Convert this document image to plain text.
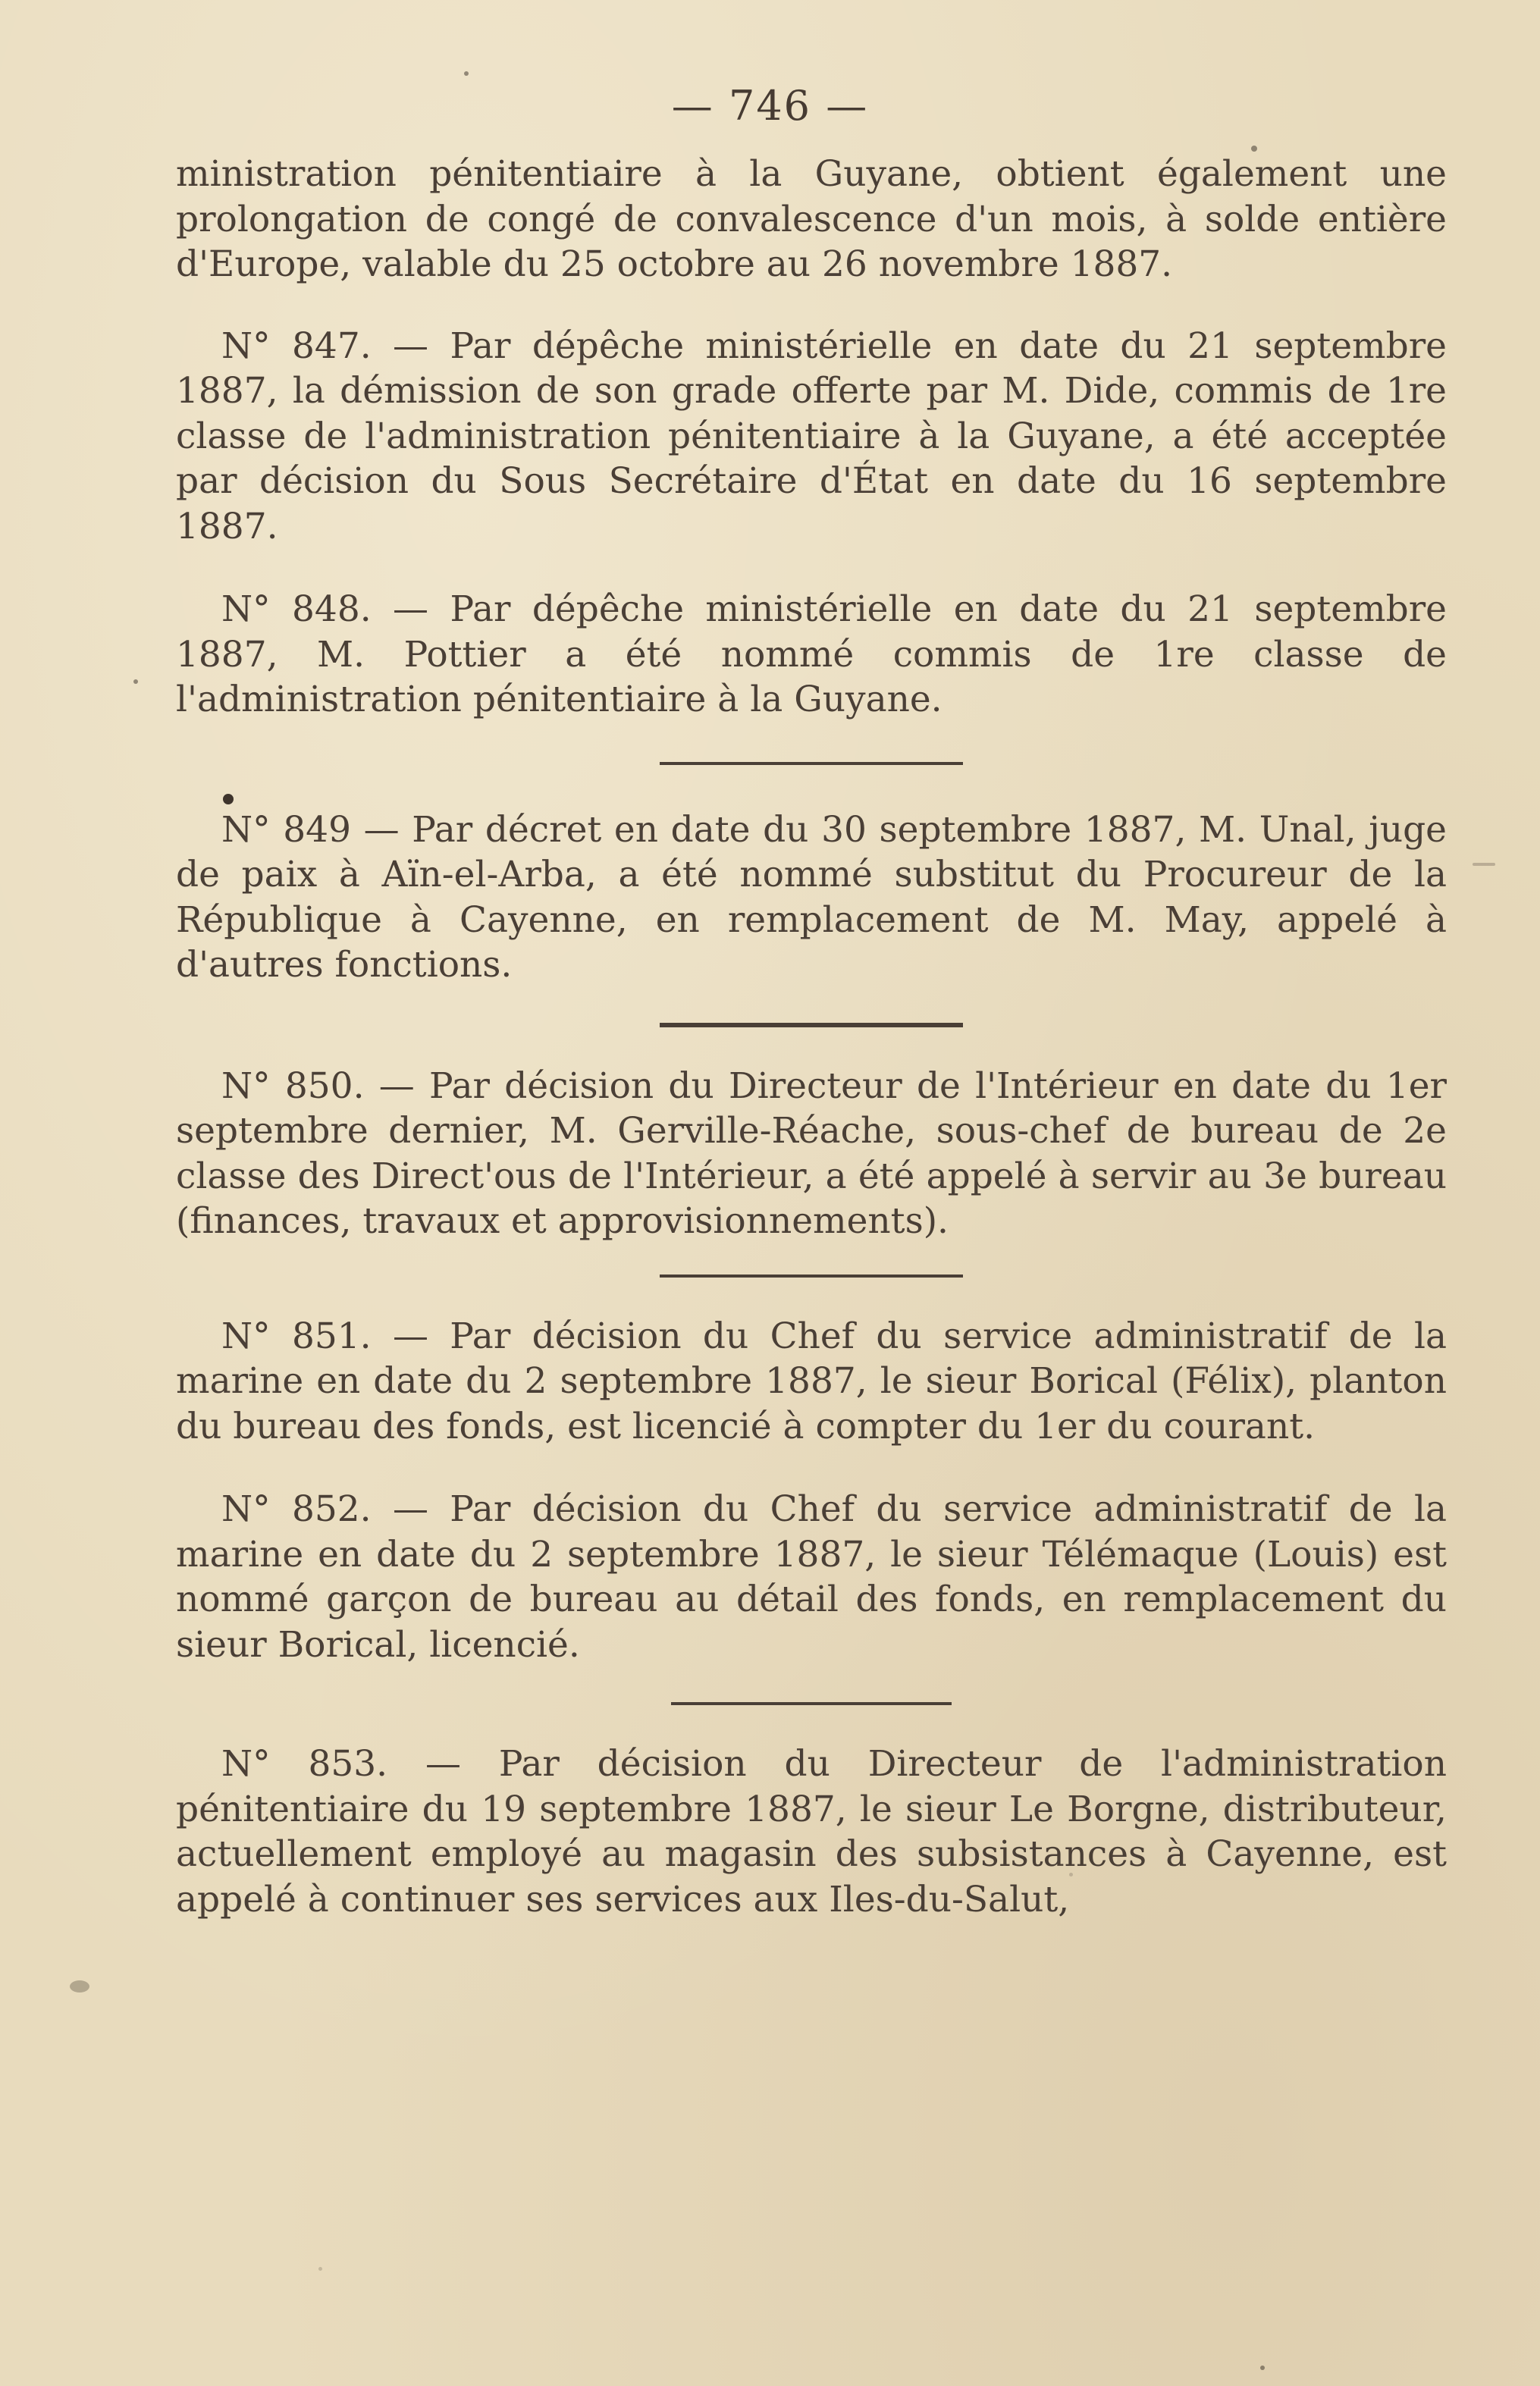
— 746 —

ministration pénitentiaire à la Guyane, obtient également une prolongation de congé de convalescence d'un mois, à solde entière d'Europe, valable du 25 octobre au 26 novembre 1887.

N° 847. — Par dépêche ministérielle en date du 21 septembre 1887, la démission de son grade offerte par M. Dide, commis de 1re classe de l'administration pénitentiaire à la Guyane, a été acceptée par décision du Sous Secrétaire d'État en date du 16 septembre 1887.

N° 848. — Par dépêche ministérielle en date du 21 septembre 1887, M. Pottier a été nommé commis de 1re classe de l'administration pénitentiaire à la Guyane.

N° 849 — Par décret en date du 30 septembre 1887, M. Unal, juge de paix à Aïn-el-Arba, a été nommé substitut du Procureur de la République à Cayenne, en remplacement de M. May, appelé à d'autres fonctions.

N° 850. — Par décision du Directeur de l'Intérieur en date du 1er septembre dernier, M. Gerville-Réache, sous-chef de bureau de 2e classe des Direct'ous de l'Intérieur, a été appelé à servir au 3e bureau (finances, travaux et approvisionnements).

N° 851. — Par décision du Chef du service administratif de la marine en date du 2 septembre 1887, le sieur Borical (Félix), planton du bureau des fonds, est licencié à compter du 1er du courant.

N° 852. — Par décision du Chef du service administratif de la marine en date du 2 septembre 1887, le sieur Télémaque (Louis) est nommé garçon de bureau au détail des fonds, en remplacement du sieur Borical, licencié.

N° 853. — Par décision du Directeur de l'administration pénitentiaire du 19 septembre 1887, le sieur Le Borgne, distributeur, actuellement employé au magasin des subsistances à Cayenne, est appelé à continuer ses services aux Iles-du-Salut,
